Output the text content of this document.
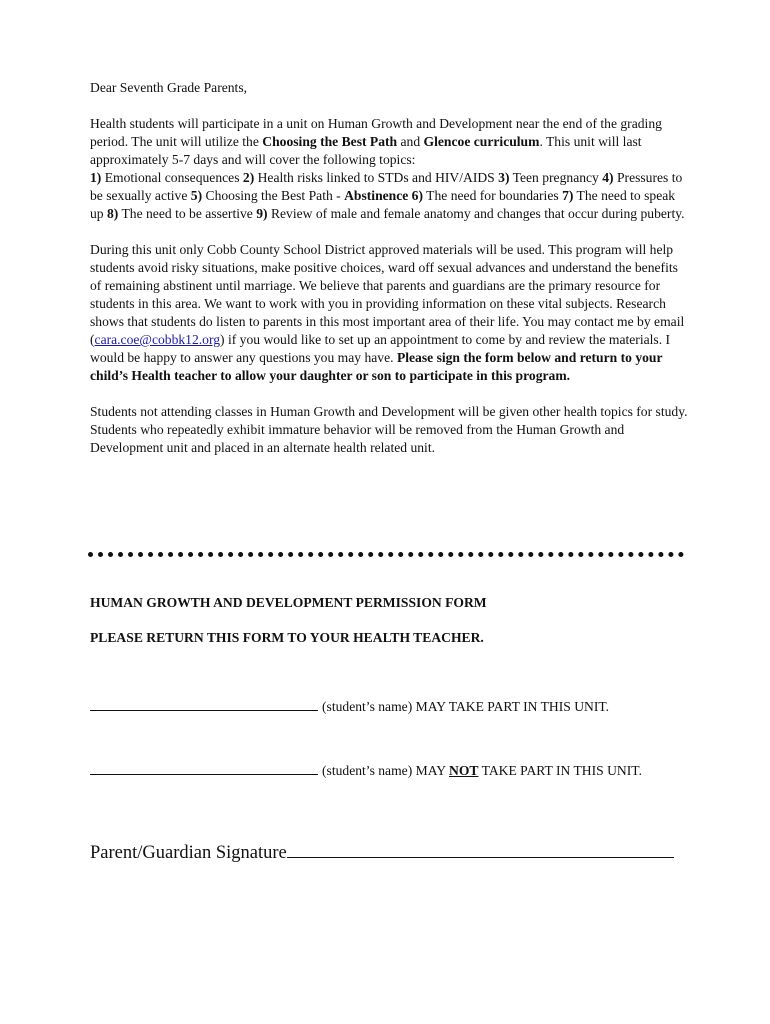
Dear Seventh Grade Parents,

Health students will participate in a unit on Human Growth and Development near the end of the grading period. The unit will utilize the Choosing the Best Path and Glencoe curriculum. This unit will last approximately 5-7 days and will cover the following topics:
1) Emotional consequences 2) Health risks linked to STDs and HIV/AIDS 3) Teen pregnancy 4) Pressures to be sexually active 5) Choosing the Best Path - Abstinence 6) The need for boundaries 7) The need to speak up 8) The need to be assertive 9) Review of male and female anatomy and changes that occur during puberty.

During this unit only Cobb County School District approved materials will be used. This program will help students avoid risky situations, make positive choices, ward off sexual advances and understand the benefits of remaining abstinent until marriage. We believe that parents and guardians are the primary resource for students in this area. We want to work with you in providing information on these vital subjects. Research shows that students do listen to parents in this most important area of their life. You may contact me by email (cara.coe@cobbk12.org) if you would like to set up an appointment to come by and review the materials. I would be happy to answer any questions you may have. Please sign the form below and return to your child’s Health teacher to allow your daughter or son to participate in this program.

Students not attending classes in Human Growth and Development will be given other health topics for study. Students who repeatedly exhibit immature behavior will be removed from the Human Growth and Development unit and placed in an alternate health related unit.

HUMAN GROWTH AND DEVELOPMENT PERMISSION FORM
PLEASE RETURN THIS FORM TO YOUR HEALTH TEACHER.
(student’s name) MAY TAKE PART IN THIS UNIT.
(student’s name) MAY NOT TAKE PART IN THIS UNIT.
Parent/Guardian Signature
